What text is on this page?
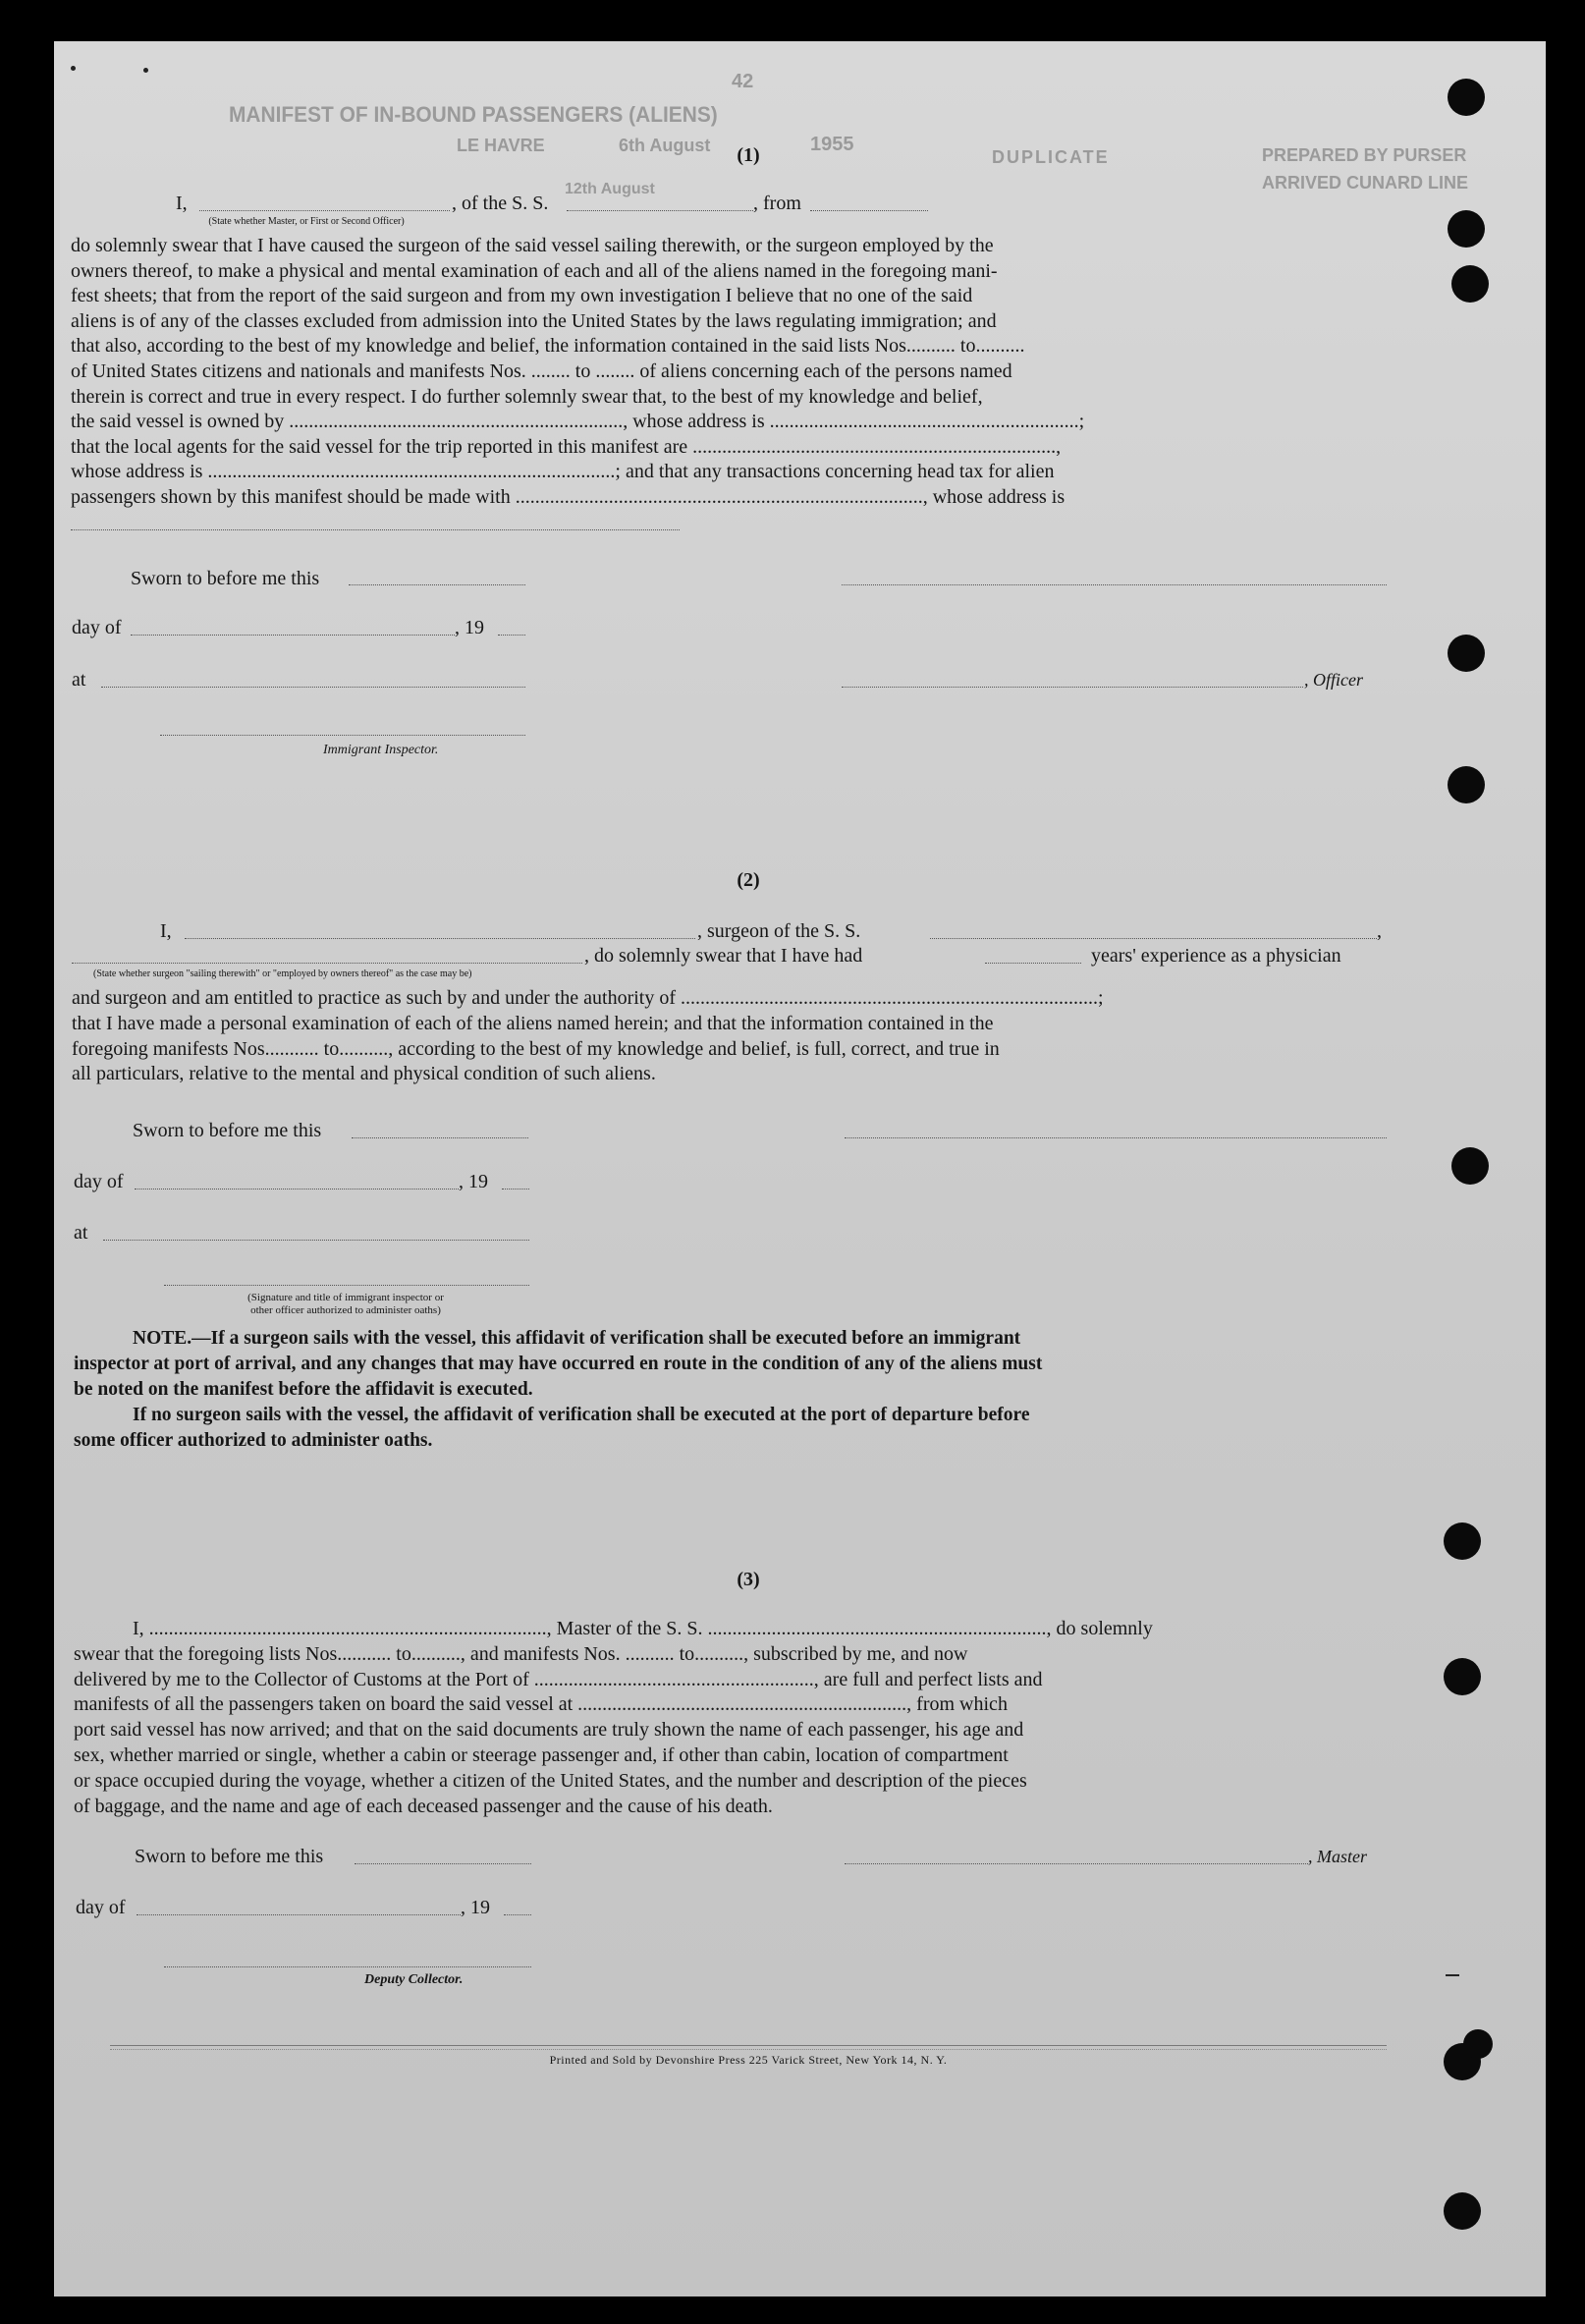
MANIFEST OF IN-BOUND PASSENGERS (ALIENS)
LE HAVRE	6th August	1955
42
DUPLICATE	PREPARED BY PURSER
ARRIVED CUNARD LINE
12th August
(1)
I,	, of the S. S.	, from
(State whether Master, or First or Second Officer)
do solemnly swear that I have caused the surgeon of the said vessel sailing therewith, or the surgeon employed by the
owners thereof, to make a physical and mental examination of each and all of the aliens named in the foregoing mani-
fest sheets; that from the report of the said surgeon and from my own investigation I believe that no one of the said
aliens is of any of the classes excluded from admission into the United States by the laws regulating immigration; and
that also, according to the best of my knowledge and belief, the information contained in the said lists Nos.......... to..........
of United States citizens and nationals and manifests Nos. ........ to ........ of aliens concerning each of the persons named
therein is correct and true in every respect. I do further solemnly swear that, to the best of my knowledge and belief,
the said vessel is owned by ...................................................................., whose address is ...............................................................;
that the local agents for the said vessel for the trip reported in this manifest are ..........................................................................,
whose address is ...................................................................................; and that any transactions concerning head tax for alien
passengers shown by this manifest should be made with ..................................................................................., whose address is
Sworn to before me this
day of	, 19
at	, Officer
Immigrant Inspector.
(2)
I,	, surgeon of the S. S.	,
, do solemnly swear that I have had	years' experience as a physician
(State whether surgeon "sailing therewith" or "employed by owners thereof" as the case may be)
and surgeon and am entitled to practice as such by and under the authority of .....................................................................................;
that I have made a personal examination of each of the aliens named herein; and that the information contained in the
foregoing manifests Nos........... to.........., according to the best of my knowledge and belief, is full, correct, and true in
all particulars, relative to the mental and physical condition of such aliens.
Sworn to before me this
day of	, 19
at
(Signature and title of immigrant inspector or
other officer authorized to administer oaths)
NOTE.—If a surgeon sails with the vessel, this affidavit of verification shall be executed before an immigrant
inspector at port of arrival, and any changes that may have occurred en route in the condition of any of the aliens must
be noted on the manifest before the affidavit is executed.
If no surgeon sails with the vessel, the affidavit of verification shall be executed at the port of departure before
some officer authorized to administer oaths.
(3)
I, ................................................................................., Master of the S. S. ....................................................................., do solemnly
swear that the foregoing lists Nos........... to.........., and manifests Nos. .......... to.........., subscribed by me, and now
delivered by me to the Collector of Customs at the Port of ........................................................., are full and perfect lists and
manifests of all the passengers taken on board the said vessel at ..................................................................., from which
port said vessel has now arrived; and that on the said documents are truly shown the name of each passenger, his age and
sex, whether married or single, whether a cabin or steerage passenger and, if other than cabin, location of compartment
or space occupied during the voyage, whether a citizen of the United States, and the number and description of the pieces
of baggage, and the name and age of each deceased passenger and the cause of his death.
Sworn to before me this	, Master
day of	, 19
Deputy Collector.
Printed and Sold by Devonshire Press 225 Varick Street, New York 14, N. Y.
